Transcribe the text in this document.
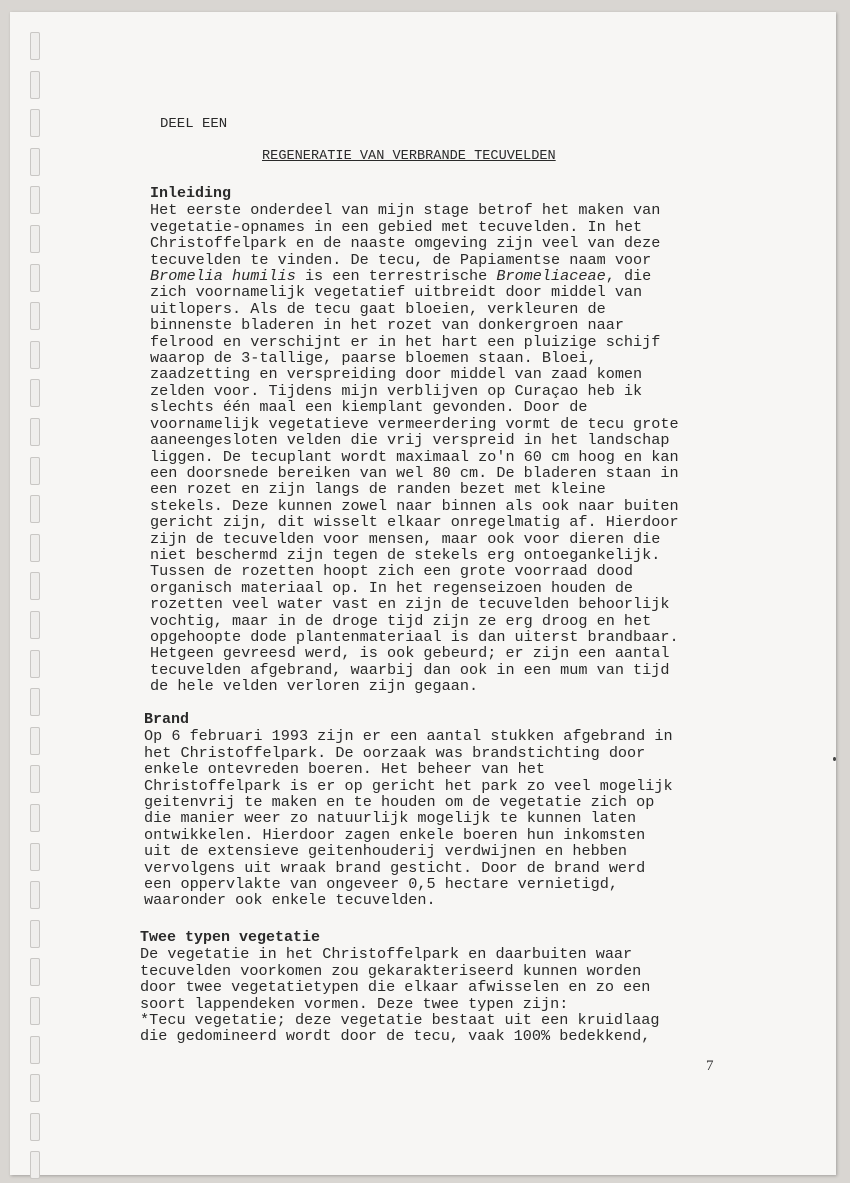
DEEL EEN
REGENERATIE VAN VERBRANDE TECUVELDEN
Inleiding
Het eerste onderdeel van mijn stage betrof het maken van
vegetatie-opnames in een gebied met tecuvelden. In het
Christoffelpark en de naaste omgeving zijn veel van deze
tecuvelden te vinden. De tecu, de Papiamentse naam voor
Bromelia humilis is een terrestrische Bromeliaceae, die
zich voornamelijk vegetatief uitbreidt door middel van
uitlopers. Als de tecu gaat bloeien, verkleuren de
binnenste bladeren in het rozet van donkergroen naar
felrood en verschijnt er in het hart een pluizige schijf
waarop de 3-tallige, paarse bloemen staan. Bloei,
zaadzetting en verspreiding door middel van zaad komen
zelden voor. Tijdens mijn verblijven op Curaçao heb ik
slechts één maal een kiemplant gevonden. Door de
voornamelijk vegetatieve vermeerdering vormt de tecu grote
aaneengesloten velden die vrij verspreid in het landschap
liggen. De tecuplant wordt maximaal zo'n 60 cm hoog en kan
een doorsnede bereiken van wel 80 cm. De bladeren staan in
een rozet en zijn langs de randen bezet met kleine
stekels. Deze kunnen zowel naar binnen als ook naar buiten
gericht zijn, dit wisselt elkaar onregelmatig af. Hierdoor
zijn de tecuvelden voor mensen, maar ook voor dieren die
niet beschermd zijn tegen de stekels erg ontoegankelijk.
Tussen de rozetten hoopt zich een grote voorraad dood
organisch materiaal op. In het regenseizoen houden de
rozetten veel water vast en zijn de tecuvelden behoorlijk
vochtig, maar in de droge tijd zijn ze erg droog en het
opgehoopte dode plantenmateriaal is dan uiterst brandbaar.
Hetgeen gevreesd werd, is ook gebeurd; er zijn een aantal
tecuvelden afgebrand, waarbij dan ook in een mum van tijd
de hele velden verloren zijn gegaan.
Brand
Op 6 februari 1993 zijn er een aantal stukken afgebrand in
het Christoffelpark. De oorzaak was brandstichting door
enkele ontevreden boeren. Het beheer van het
Christoffelpark is er op gericht het park zo veel mogelijk
geitenvrij te maken en te houden om de vegetatie zich op
die manier weer zo natuurlijk mogelijk te kunnen laten
ontwikkelen. Hierdoor zagen enkele boeren hun inkomsten
uit de extensieve geitenhouderij verdwijnen en hebben
vervolgens uit wraak brand gesticht. Door de brand werd
een oppervlakte van ongeveer 0,5 hectare vernietigd,
waaronder ook enkele tecuvelden.
Twee typen vegetatie
De vegetatie in het Christoffelpark en daarbuiten waar
tecuvelden voorkomen zou gekarakteriseerd kunnen worden
door twee vegetatietypen die elkaar afwisselen en zo een
soort lappendeken vormen. Deze twee typen zijn:
*Tecu vegetatie; deze vegetatie bestaat uit een kruidlaag
die gedomineerd wordt door de tecu, vaak 100% bedekkend,
7
